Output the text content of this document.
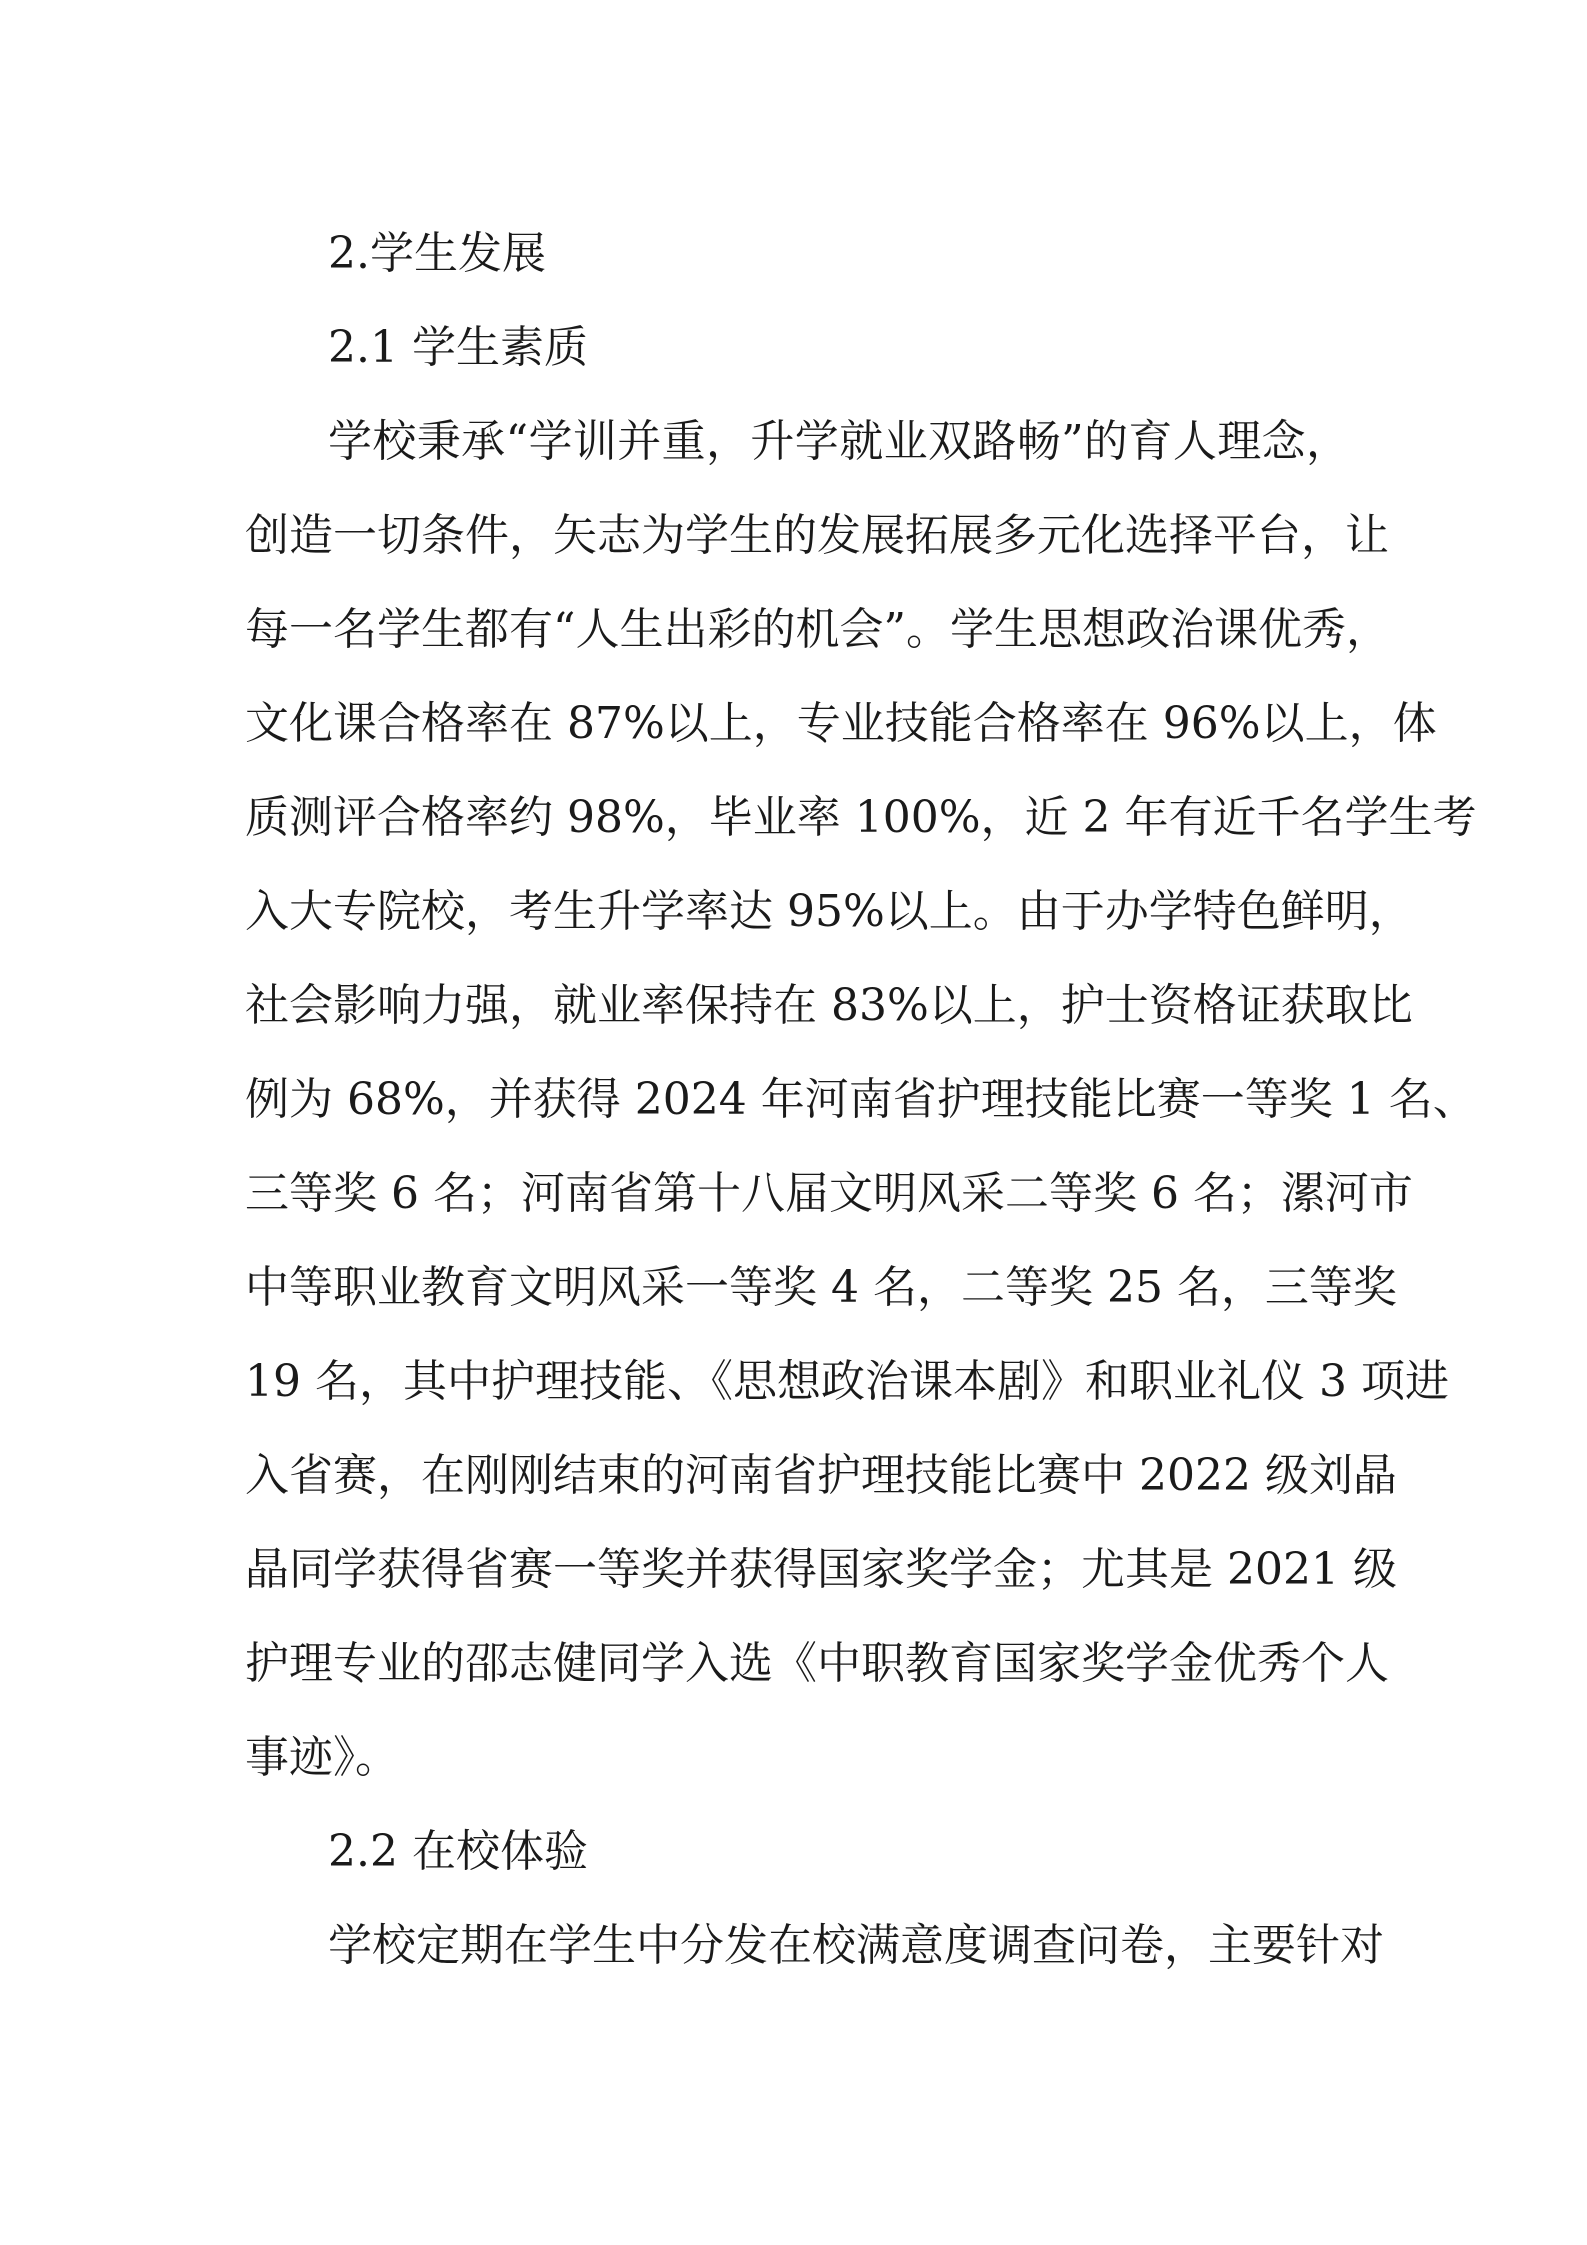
2.学生发展
2.1 学生素质

学校秉承“学训并重，升学就业双路畅”的育人理念，

创造一切条件，矢志为学生的发展拓展多元化选择平台，让

每一名学生都有“人生出彩的机会”。学生思想政治课优秀，

文化课合格率在 87%以上，专业技能合格率在 96%以上，体

质测评合格率约 98%，毕业率 100%，近 2 年有近千名学生考

入大专院校，考生升学率达 95%以上。由于办学特色鲜明，

社会影响力强，就业率保持在 83%以上，护士资格证获取比

例为 68%，并获得 2024 年河南省护理技能比赛一等奖 1 名、

三等奖 6 名；河南省第十八届文明风采二等奖 6 名；漯河市

中等职业教育文明风采一等奖 4 名，二等奖 25 名，三等奖

19 名，其中护理技能、《思想政治课本剧》和职业礼仪 3 项进

入省赛，在刚刚结束的河南省护理技能比赛中 2022 级刘晶

晶同学获得省赛一等奖并获得国家奖学金；尤其是 2021 级

护理专业的邵志健同学入选《中职教育国家奖学金优秀个人

事迹》。

2.2 在校体验

学校定期在学生中分发在校满意度调查问卷，主要针对
